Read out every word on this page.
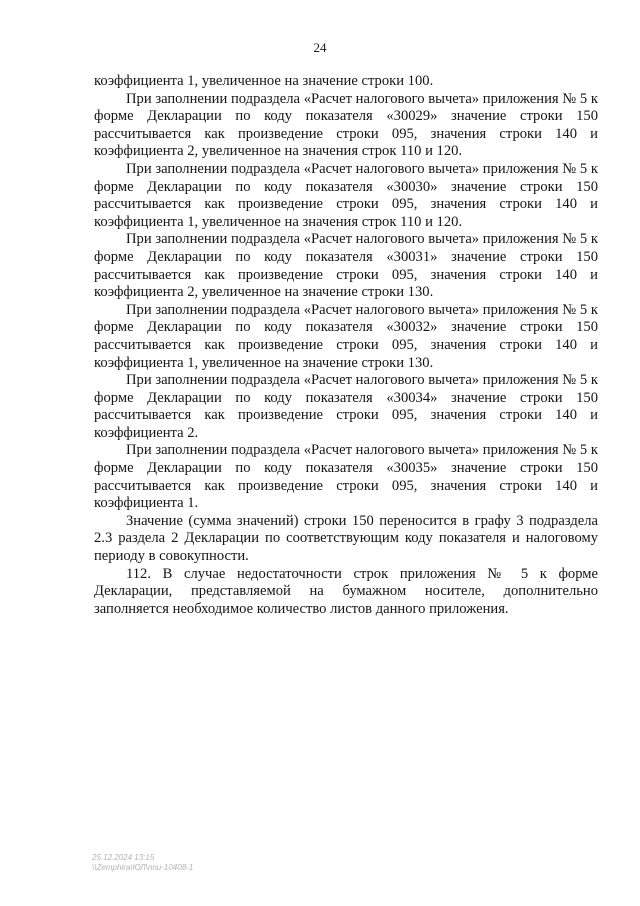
24

коэффициента 1, увеличенное на значение строки 100.

При заполнении подраздела «Расчет налогового вычета» приложения № 5 к форме Декларации по коду показателя «30029» значение строки 150 рассчитывается как произведение строки 095, значения строки 140 и коэффициента 2, увеличенное на значения строк 110 и 120.

При заполнении подраздела «Расчет налогового вычета» приложения № 5 к форме Декларации по коду показателя «30030» значение строки 150 рассчитывается как произведение строки 095, значения строки 140 и коэффициента 1, увеличенное на значения строк 110 и 120.

При заполнении подраздела «Расчет налогового вычета» приложения № 5 к форме Декларации по коду показателя «30031» значение строки 150 рассчитывается как произведение строки 095, значения строки 140 и коэффициента 2, увеличенное на значение строки 130.

При заполнении подраздела «Расчет налогового вычета» приложения № 5 к форме Декларации по коду показателя «30032» значение строки 150 рассчитывается как произведение строки 095, значения строки 140 и коэффициента 1, увеличенное на значение строки 130.

При заполнении подраздела «Расчет налогового вычета» приложения № 5 к форме Декларации по коду показателя «30034» значение строки 150 рассчитывается как произведение строки 095, значения строки 140 и коэффициента 2.

При заполнении подраздела «Расчет налогового вычета» приложения № 5 к форме Декларации по коду показателя «30035» значение строки 150 рассчитывается как произведение строки 095, значения строки 140 и коэффициента 1.

Значение (сумма значений) строки 150 переносится в графу 3 подраздела 2.3 раздела 2 Декларации по соответствующим коду показателя и налоговому периоду в совокупности.

112. В случае недостаточности строк приложения № 5 к форме Декларации, представляемой на бумажном носителе, дополнительно заполняется необходимое количество листов данного приложения.

25.12.2024 13:15
\\Zemphira\ЮЛ\nnu-10408-1
